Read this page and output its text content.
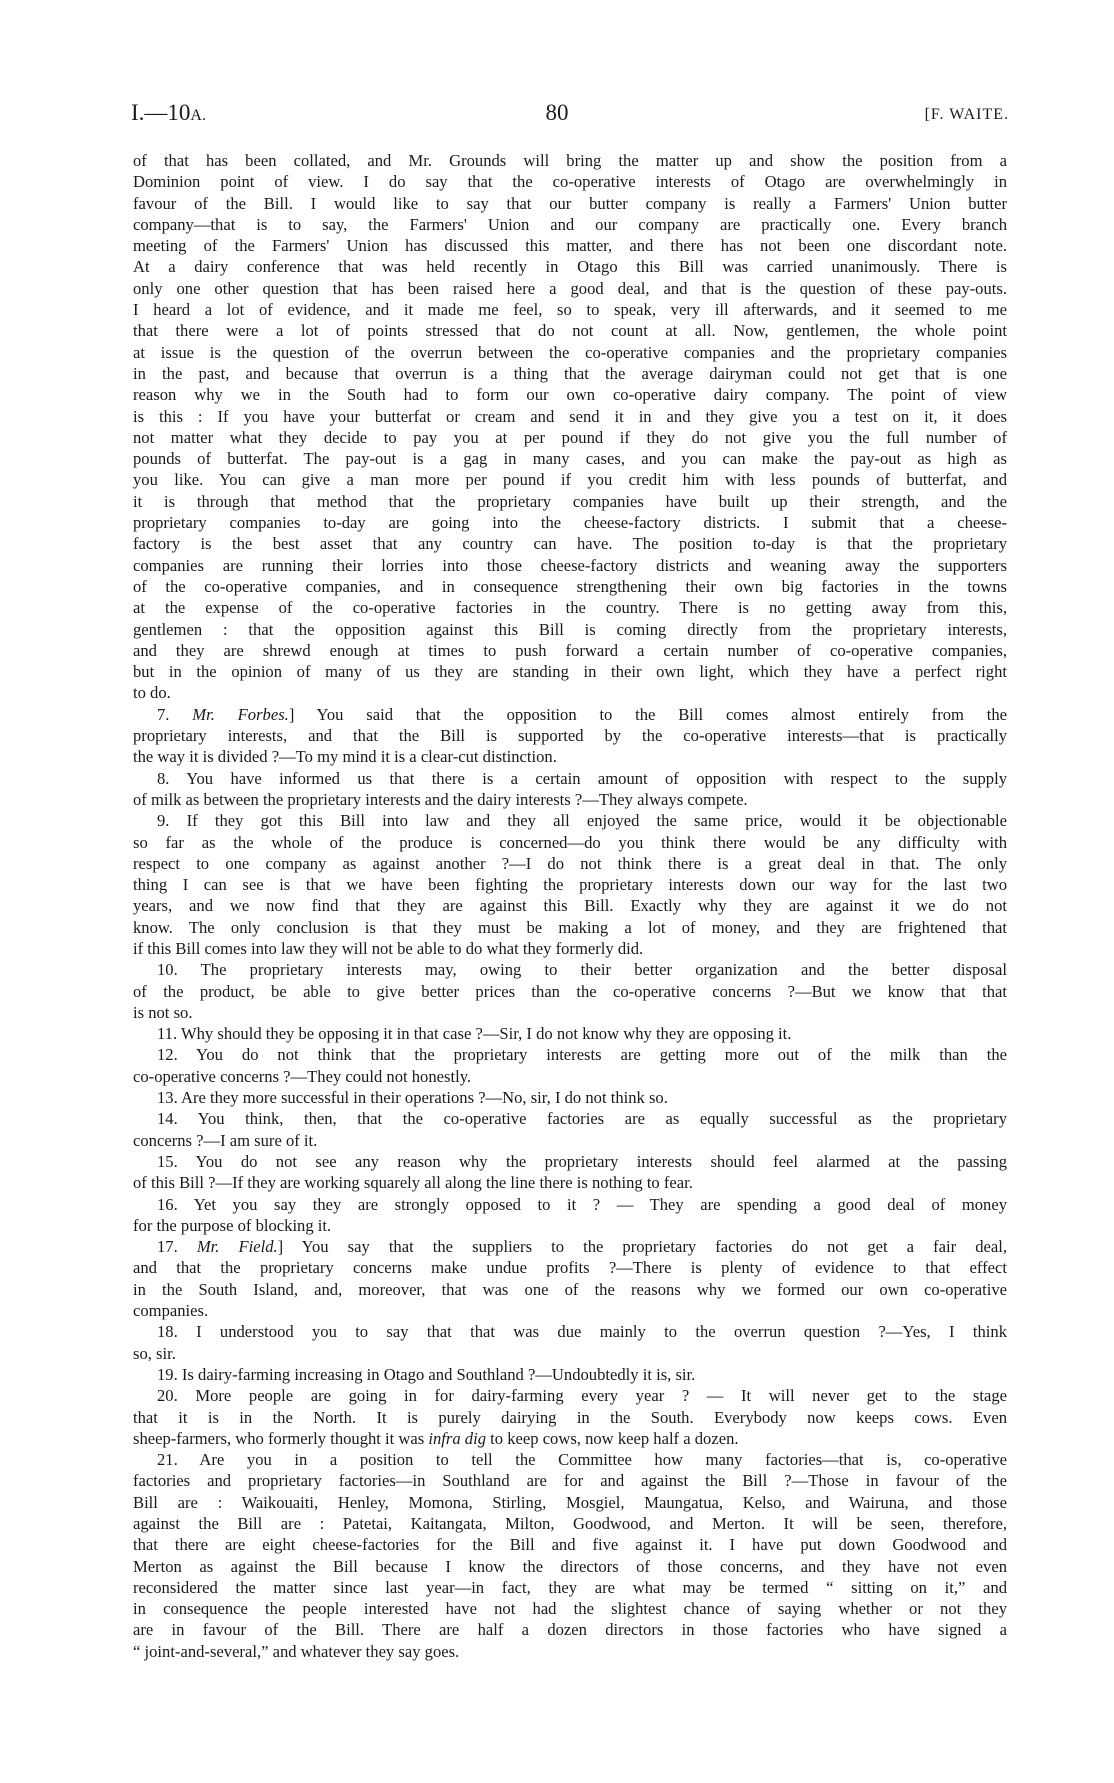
I.—10A.	80	[F. WAITE.
of that has been collated, and Mr. Grounds will bring the matter up and show the position from a
Dominion point of view. I do say that the co-operative interests of Otago are overwhelmingly in
favour of the Bill. I would like to say that our butter company is really a Farmers' Union butter
company—that is to say, the Farmers' Union and our company are practically one. Every branch
meeting of the Farmers' Union has discussed this matter, and there has not been one discordant note.
At a dairy conference that was held recently in Otago this Bill was carried unanimously. There is
only one other question that has been raised here a good deal, and that is the question of these pay-outs.
I heard a lot of evidence, and it made me feel, so to speak, very ill afterwards, and it seemed to me
that there were a lot of points stressed that do not count at all. Now, gentlemen, the whole point
at issue is the question of the overrun between the co-operative companies and the proprietary companies
in the past, and because that overrun is a thing that the average dairyman could not get that is one
reason why we in the South had to form our own co-operative dairy company. The point of view
is this : If you have your butterfat or cream and send it in and they give you a test on it, it does
not matter what they decide to pay you at per pound if they do not give you the full number of
pounds of butterfat. The pay-out is a gag in many cases, and you can make the pay-out as high as
you like. You can give a man more per pound if you credit him with less pounds of butterfat, and
it is through that method that the proprietary companies have built up their strength, and the
proprietary companies to-day are going into the cheese-factory districts. I submit that a cheese-
factory is the best asset that any country can have. The position to-day is that the proprietary
companies are running their lorries into those cheese-factory districts and weaning away the supporters
of the co-operative companies, and in consequence strengthening their own big factories in the towns
at the expense of the co-operative factories in the country. There is no getting away from this,
gentlemen : that the opposition against this Bill is coming directly from the proprietary interests,
and they are shrewd enough at times to push forward a certain number of co-operative companies,
but in the opinion of many of us they are standing in their own light, which they have a perfect right
to do.
7. Mr. Forbes.] You said that the opposition to the Bill comes almost entirely from the
proprietary interests, and that the Bill is supported by the co-operative interests—that is practically
the way it is divided ?—To my mind it is a clear-cut distinction.
8. You have informed us that there is a certain amount of opposition with respect to the supply
of milk as between the proprietary interests and the dairy interests ?—They always compete.
9. If they got this Bill into law and they all enjoyed the same price, would it be objectionable
so far as the whole of the produce is concerned—do you think there would be any difficulty with
respect to one company as against another ?—I do not think there is a great deal in that. The only
thing I can see is that we have been fighting the proprietary interests down our way for the last two
years, and we now find that they are against this Bill. Exactly why they are against it we do not
know. The only conclusion is that they must be making a lot of money, and they are frightened that
if this Bill comes into law they will not be able to do what they formerly did.
10. The proprietary interests may, owing to their better organization and the better disposal
of the product, be able to give better prices than the co-operative concerns ?—But we know that that
is not so.
11. Why should they be opposing it in that case ?—Sir, I do not know why they are opposing it.
12. You do not think that the proprietary interests are getting more out of the milk than the
co-operative concerns ?—They could not honestly.
13. Are they more successful in their operations ?—No, sir, I do not think so.
14. You think, then, that the co-operative factories are as equally successful as the proprietary
concerns ?—I am sure of it.
15. You do not see any reason why the proprietary interests should feel alarmed at the passing
of this Bill ?—If they are working squarely all along the line there is nothing to fear.
16. Yet you say they are strongly opposed to it ? — They are spending a good deal of money
for the purpose of blocking it.
17. Mr. Field.] You say that the suppliers to the proprietary factories do not get a fair deal,
and that the proprietary concerns make undue profits ?—There is plenty of evidence to that effect
in the South Island, and, moreover, that was one of the reasons why we formed our own co-operative
companies.
18. I understood you to say that that was due mainly to the overrun question ?—Yes, I think
so, sir.
19. Is dairy-farming increasing in Otago and Southland ?—Undoubtedly it is, sir.
20. More people are going in for dairy-farming every year ? — It will never get to the stage
that it is in the North. It is purely dairying in the South. Everybody now keeps cows. Even
sheep-farmers, who formerly thought it was infra dig to keep cows, now keep half a dozen.
21. Are you in a position to tell the Committee how many factories—that is, co-operative
factories and proprietary factories—in Southland are for and against the Bill ?—Those in favour of the
Bill are : Waikouaiti, Henley, Momona, Stirling, Mosgiel, Maungatua, Kelso, and Wairuna, and those
against the Bill are : Patetai, Kaitangata, Milton, Goodwood, and Merton. It will be seen, therefore,
that there are eight cheese-factories for the Bill and five against it. I have put down Goodwood and
Merton as against the Bill because I know the directors of those concerns, and they have not even
reconsidered the matter since last year—in fact, they are what may be termed “ sitting on it,” and
in consequence the people interested have not had the slightest chance of saying whether or not they
are in favour of the Bill. There are half a dozen directors in those factories who have signed a
“ joint-and-several,” and whatever they say goes.
